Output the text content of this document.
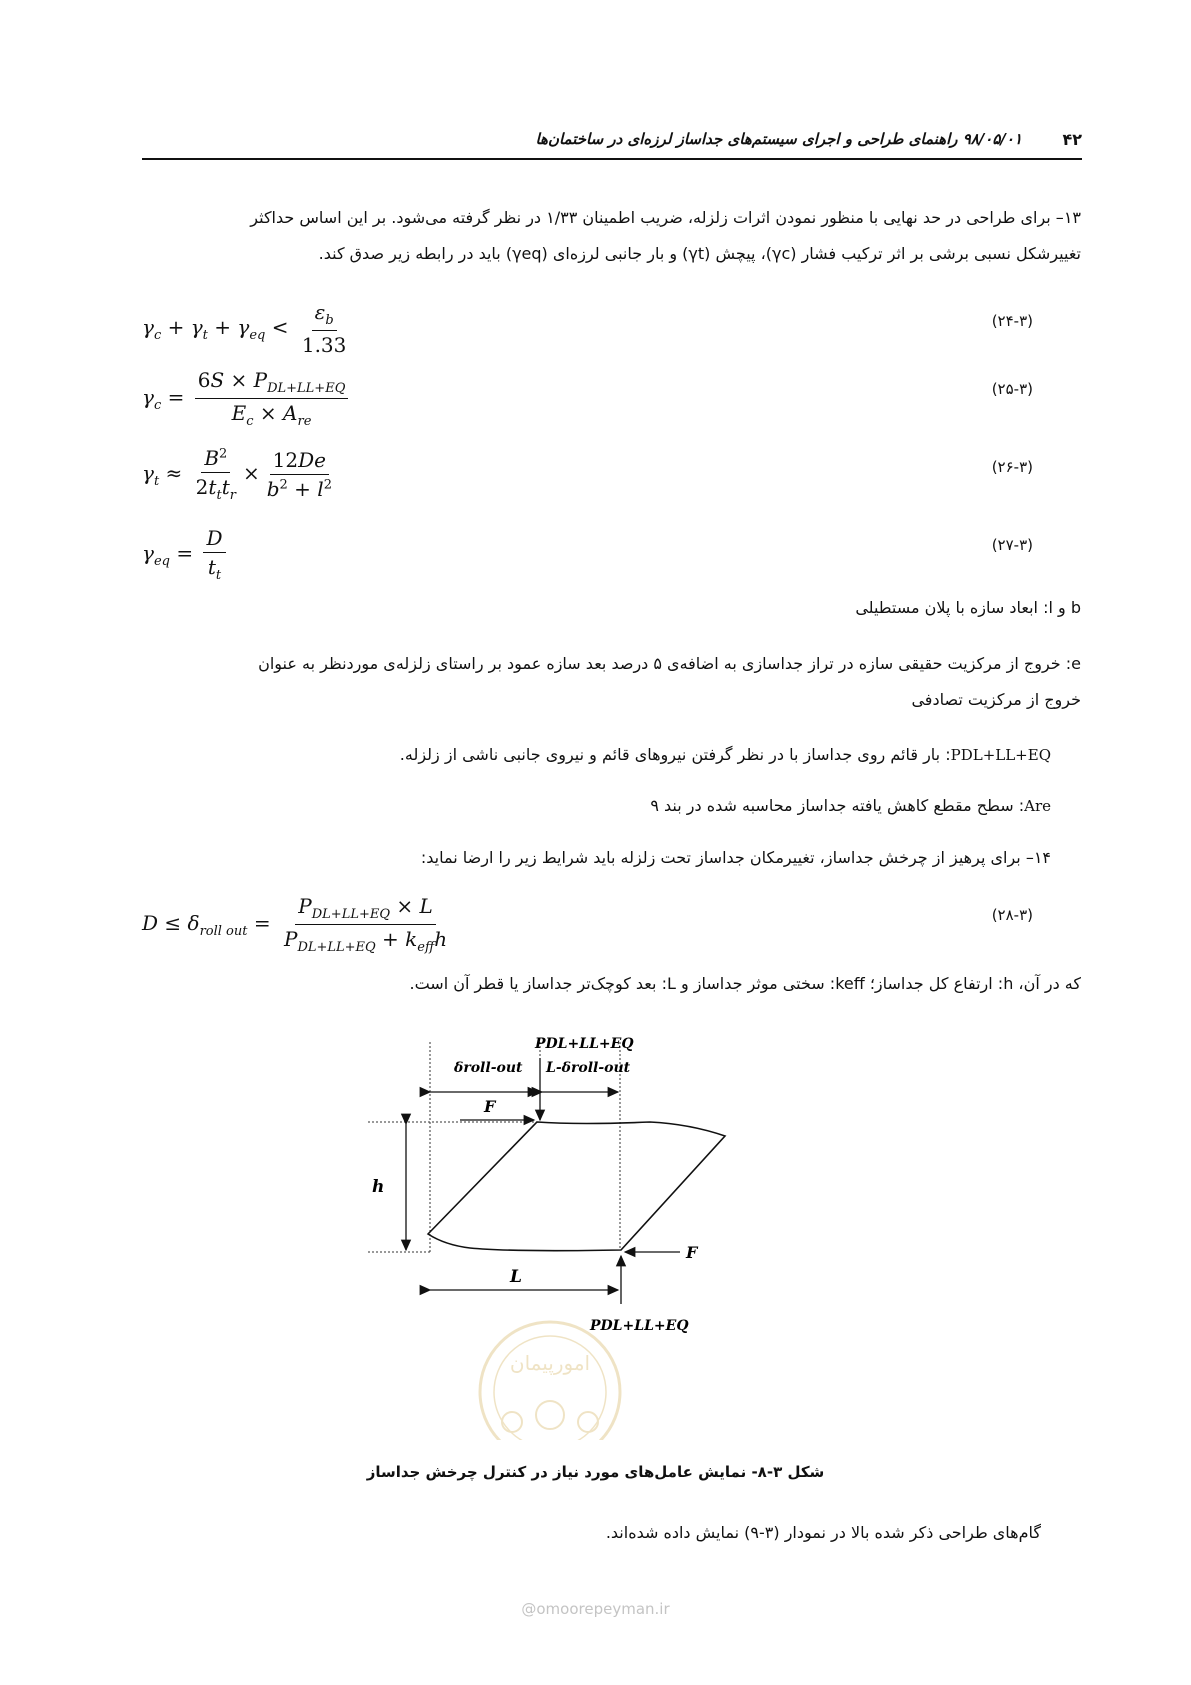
۹۸/۰۵/۰۱ راهنمای طراحی و اجرای سیستم‌های جداساز لرزه‌ای در ساختمان‌ها	۴۲
۱۳– برای طراحی در حد نهایی با منظور نمودن اثرات زلزله، ضریب اطمینان ۱/۳۳ در نظر گرفته می‌شود. بر این اساس حداکثر
تغییرشکل نسبی برشی بر اثر ترکیب فشار (γc)، پیچش (γt) و بار جانبی لرزه‌ای (γeq) باید در رابطه زیر صدق کند.
$\gamma_c + \gamma_t + \gamma_{eq} < \frac{\varepsilon_b}{1.33}$	(۲۴-۳)
$\gamma_c = \frac{6S \times P_{DL+LL+EQ}}{E_c \times A_{re}}$	(۲۵-۳)
$\gamma_t \approx \frac{B^2}{2t_tt_r} \times \frac{12De}{b^2 + l^2}$	(۲۶-۳)
$\gamma_{eq} = \frac{D}{t_t}$	(۲۷-۳)
b و l: ابعاد سازه با پلان مستطیلی
e: خروج از مرکزیت حقیقی سازه در تراز جداسازی به اضافه‌ی ۵ درصد بعد سازه عمود بر راستای زلزله‌ی مورد‌نظر به عنوان
خروج از مرکزیت تصادفی
PDL+LL+EQ: بار قائم روی جداساز با در نظر گرفتن نیروهای قائم و نیروی جانبی ناشی از زلزله.
Are: سطح مقطع کاهش یافته جداساز محاسبه شده در بند ۹
۱۴– برای پرهیز از چرخش جداساز، تغییرمکان جداساز تحت زلزله باید شرایط زیر را ارضا نماید:
$D \le \delta_{roll out} = \frac{P_{DL+LL+EQ} \times L}{P_{DL+LL+EQ} + k_{eff}h}$	(۲۸-۳)
که در آن، h: ارتفاع کل جداساز؛ keff: سختی موثر جداساز و L: بعد کوچک‌تر جداساز یا قطر آن است.
PDL+LL+EQ
δroll-out L-δroll-out
F
h
F
L
PDL+LL+EQ
امورپیمان
شکل ۳-۸- نمایش عامل‌های مورد نیاز در کنترل چرخش جداساز
گام‌های طراحی ذکر شده بالا در نمودار (۳-۹) نمایش داده شده‌اند.
@omoorepeyman.ir
